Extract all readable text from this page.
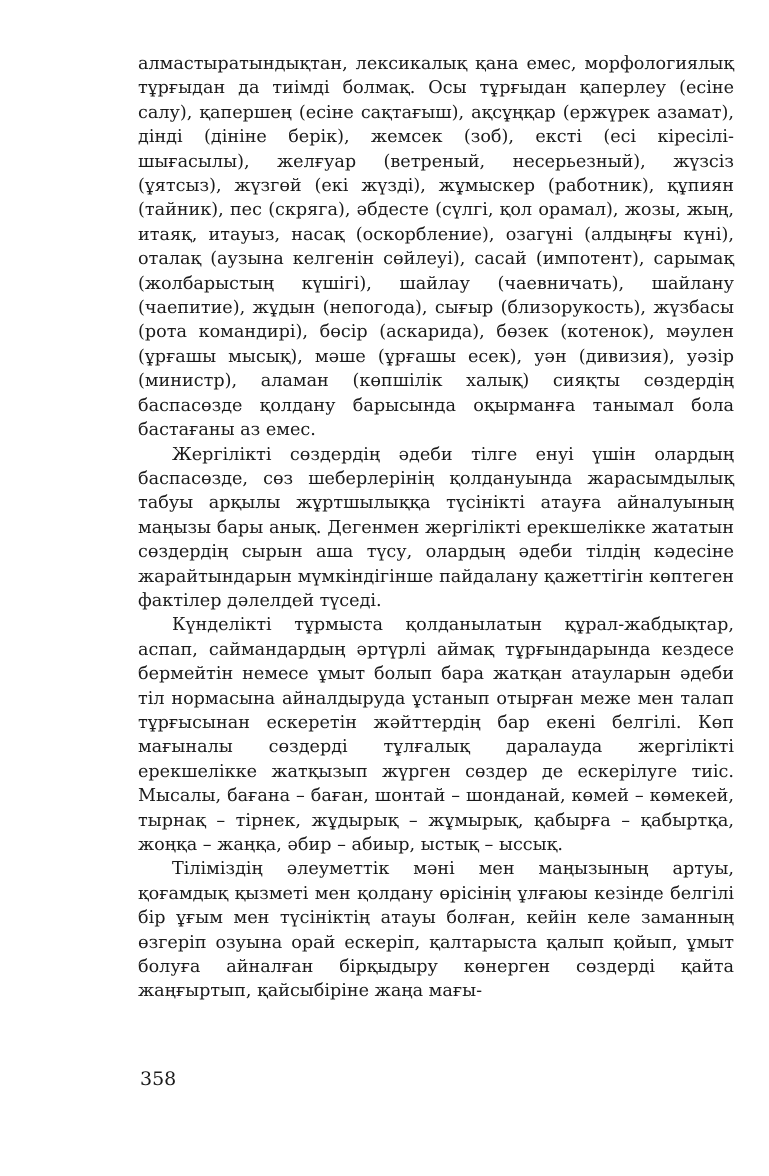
алмастыратындықтан, лексикалық қана емес, морфологиялық тұрғыдан да тиімді болмақ. Осы тұрғыдан қаперлеу (есіне салу), қапершең (есіне сақтағыш), ақсұңқар (ержүрек азамат), дінді (дініне берік), жемсек (зоб), ексті (есі кіресілі-шығасылы), желғуар (ветреный, несерьезный), жүзсіз (ұятсыз), жүзгөй (екі жүзді), жұмыскер (работник), құпиян (тайник), пес (скряга), әбдесте (сүлгі, қол орамал), жозы, жың, итаяқ, итауыз, насақ (оскорбление), озагүні (алдыңғы күні), оталақ (аузына келгенін сөйлеуі), сасай (импотент), сарымақ (жолбарыстың күшігі), шайлау (чаевничать), шайлану (чаепитие), жұдын (непогода), сығыр (близорукость), жүзбасы (рота командирі), бөсір (аскарида), бөзек (котенок), мәулен (ұрғашы мысық), мәше (ұрғашы есек), уән (дивизия), уәзір (министр), аламан (көпшілік халық) сияқты сөздердің баспасөзде қолдану барысында оқырманға танымал бола бастағаны аз емес.

Жергілікті сөздердің әдеби тілге енуі үшін олардың баспасөзде, сөз шеберлерінің қолдануында жарасымдылық табуы арқылы жұртшылыққа түсінікті атауға айналуының маңызы бары анық. Дегенмен жергілікті ерекшелікке жататын сөздердің сырын аша түсу, олардың әдеби тілдің кәдесіне жарайтындарын мүмкіндігінше пайдалану қажеттігін көптеген фактілер дәлелдей түседі.

Күнделікті тұрмыста қолданылатын құрал-жабдықтар, аспап, саймандардың әртүрлі аймақ тұрғындарында кездесе бермейтін немесе ұмыт болып бара жатқан атауларын әдеби тіл нормасына айналдыруда ұстанып отырған меже мен талап тұрғысынан ескеретін жәйттердің бар екені белгілі. Көп мағыналы сөздерді тұлғалық даралауда жергілікті ерекшелікке жатқызып жүрген сөздер де ескерілуге тиіс. Мысалы, бағана – баған, шонтай – шонданай, көмей – көмекей, тырнақ – тірнек, жұдырық – жұмырық, қабырға – қабыртқа, жоңқа – жаңқа, әбир – абиыр, ыстық – ыссық.

Тіліміздің әлеуметтік мәні мен маңызының артуы, қоғамдық қызметі мен қолдану өрісінің ұлғаюы кезінде белгілі бір ұғым мен түсініктің атауы болған, кейін келе заманның өзгеріп озуына орай ескеріп, қалтарыста қалып қойып, ұмыт болуға айналған бірқыдыру көнерген сөздерді қайта жаңғыртып, қайсыбіріне жаңа мағы-

358
